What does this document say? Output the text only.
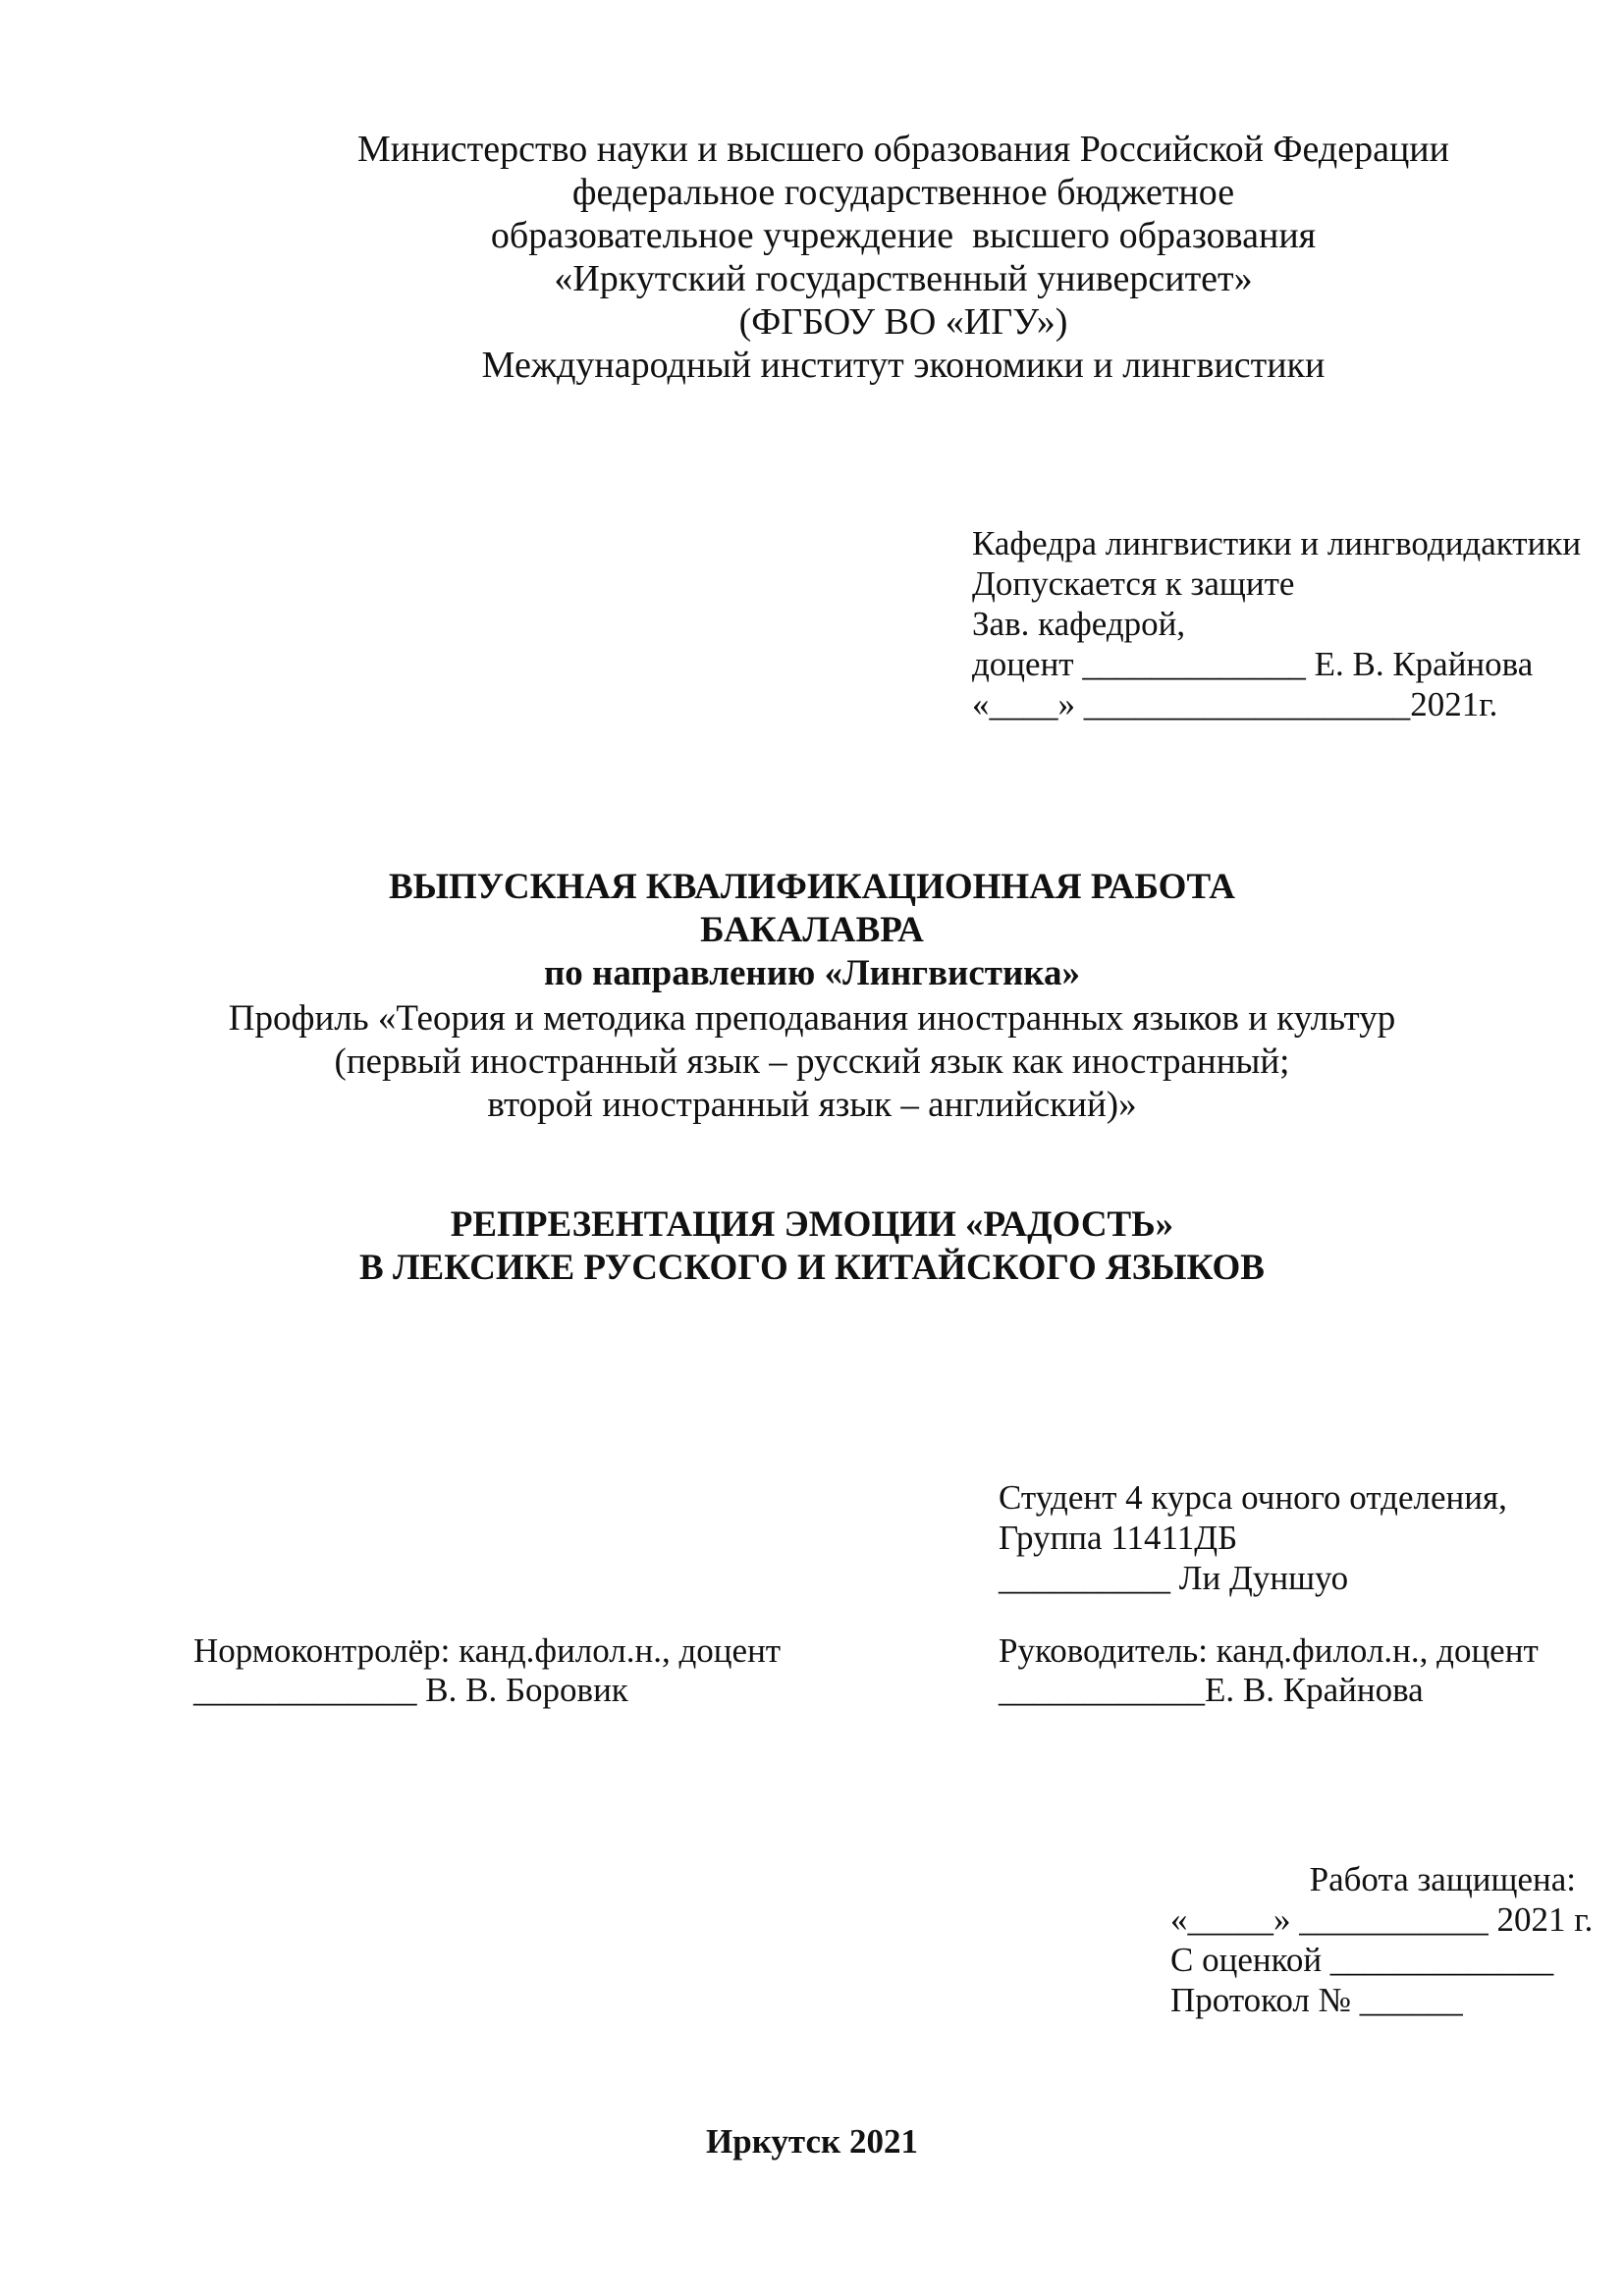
Министерство науки и высшего образования Российской Федерации
федеральное государственное бюджетное
образовательное учреждение  высшего образования
«Иркутский государственный университет»
(ФГБОУ ВО «ИГУ»)
Международный институт экономики и лингвистики
Кафедра лингвистики и лингводидактики
Допускается к защите
Зав. кафедрой,
доцент _____________ Е. В. Крайнова
«____» ___________________2021г.
ВЫПУСКНАЯ КВАЛИФИКАЦИОННАЯ РАБОТА
БАКАЛАВРА
по направлению «Лингвистика»
Профиль «Теория и методика преподавания иностранных языков и культур
(первый иностранный язык – русский язык как иностранный;
второй иностранный язык – английский)»
РЕПРЕЗЕНТАЦИЯ ЭМОЦИИ «РАДОСТЬ»
В ЛЕКСИКЕ РУССКОГО И КИТАЙСКОГО ЯЗЫКОВ
Студент 4 курса очного отделения,
Группа 11411ДБ
__________ Ли Дуншуо
Нормоконтролёр: канд.филол.н., доцент
_____________ В. В. Боровик
Руководитель: канд.филол.н., доцент
____________Е. В. Крайнова
Работа защищена:
«_____» ___________ 2021 г.
С оценкой _____________
Протокол № ______
Иркутск 2021
